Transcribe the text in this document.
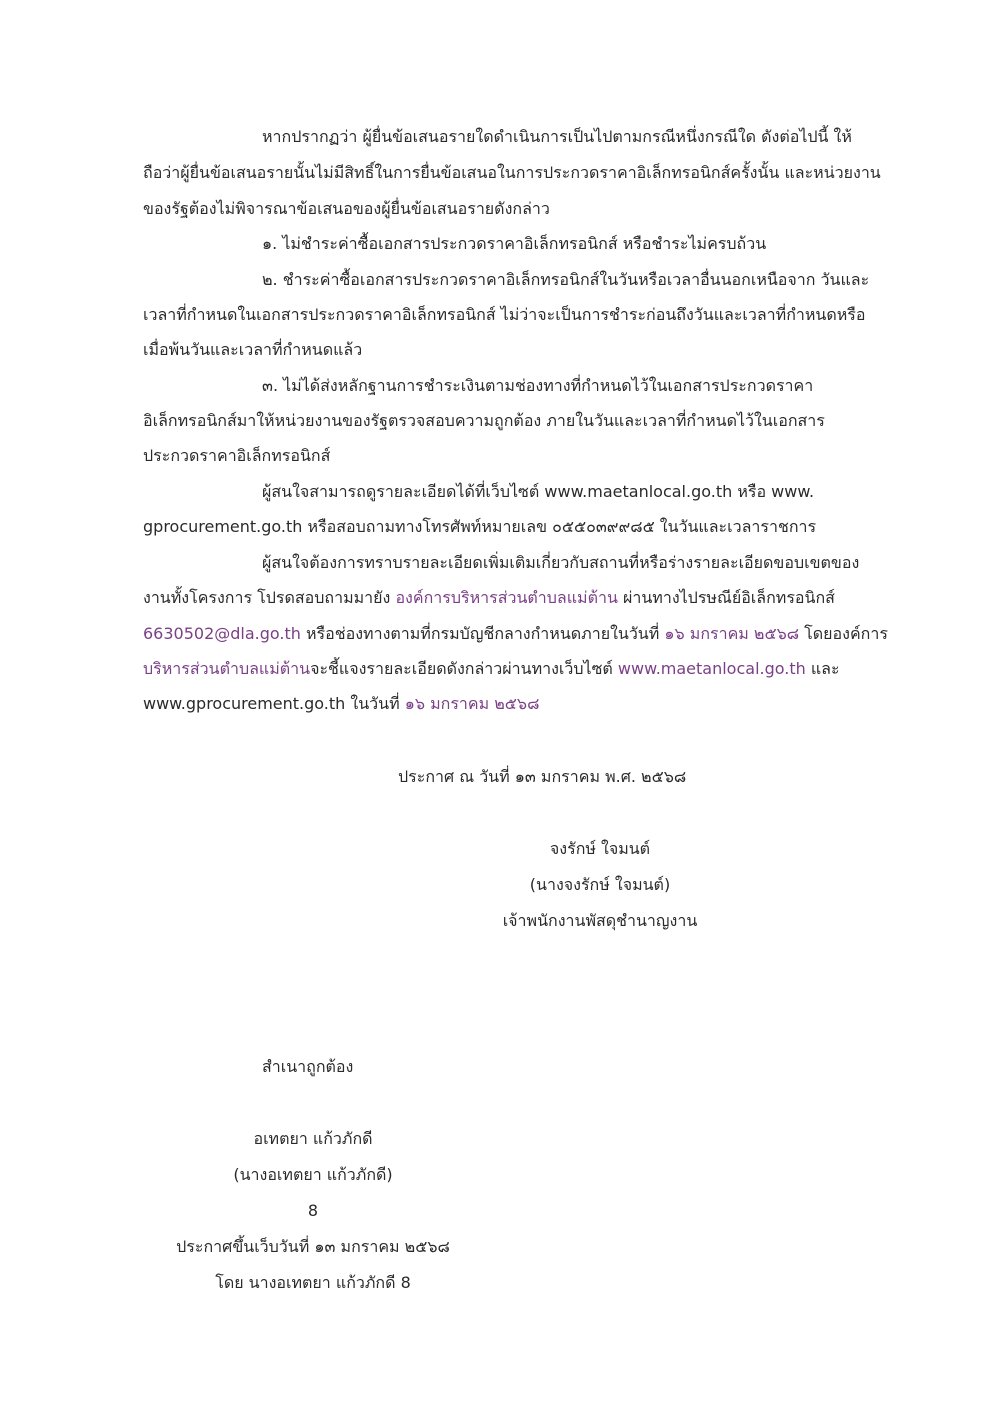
หากปรากฏว่า ผู้ยื่นข้อเสนอรายใดดำเนินการเป็นไปตามกรณีหนึ่งกรณีใด ดังต่อไปนี้ ให้
ถือว่าผู้ยื่นข้อเสนอรายนั้นไม่มีสิทธิ์ในการยื่นข้อเสนอในการประกวดราคาอิเล็กทรอนิกส์ครั้งนั้น และหน่วยงาน
ของรัฐต้องไม่พิจารณาข้อเสนอของผู้ยื่นข้อเสนอรายดังกล่าว
๑. ไม่ชำระค่าซื้อเอกสารประกวดราคาอิเล็กทรอนิกส์ หรือชำระไม่ครบถ้วน
๒. ชำระค่าซื้อเอกสารประกวดราคาอิเล็กทรอนิกส์ในวันหรือเวลาอื่นนอกเหนือจาก วันและ
เวลาที่กำหนดในเอกสารประกวดราคาอิเล็กทรอนิกส์ ไม่ว่าจะเป็นการชำระก่อนถึงวันและเวลาที่กำหนดหรือ
เมื่อพ้นวันและเวลาที่กำหนดแล้ว
๓. ไม่ได้ส่งหลักฐานการชำระเงินตามช่องทางที่กำหนดไว้ในเอกสารประกวดราคา
อิเล็กทรอนิกส์มาให้หน่วยงานของรัฐตรวจสอบความถูกต้อง ภายในวันและเวลาที่กำหนดไว้ในเอกสาร
ประกวดราคาอิเล็กทรอนิกส์
ผู้สนใจสามารถดูรายละเอียดได้ที่เว็บไซต์ www.maetanlocal.go.th หรือ www.
gprocurement.go.th หรือสอบถามทางโทรศัพท์หมายเลข ๐๕๕๐๓๙๙๘๕ ในวันและเวลาราชการ
ผู้สนใจต้องการทราบรายละเอียดเพิ่มเติมเกี่ยวกับสถานที่หรือร่างรายละเอียดขอบเขตของ
งานทั้งโครงการ โปรดสอบถามมายัง องค์การบริหารส่วนตำบลแม่ต้าน ผ่านทางไปรษณีย์อิเล็กทรอนิกส์
6630502@dla.go.th หรือช่องทางตามที่กรมบัญชีกลางกำหนดภายในวันที่ ๑๖ มกราคม ๒๕๖๘ โดยองค์การ
บริหารส่วนตำบลแม่ต้านจะชี้แจงรายละเอียดดังกล่าวผ่านทางเว็บไซต์ www.maetanlocal.go.th และ
www.gprocurement.go.th ในวันที่ ๑๖ มกราคม ๒๕๖๘
ประกาศ ณ วันที่ ๑๓ มกราคม พ.ศ. ๒๕๖๘
จงรักษ์ ใจมนต์
(นางจงรักษ์ ใจมนต์)
เจ้าพนักงานพัสดุชำนาญงาน
สำเนาถูกต้อง
อเทตยา แก้วภักดี
(นางอเทตยา แก้วภักดี)
8
ประกาศขึ้นเว็บวันที่ ๑๓ มกราคม ๒๕๖๘
โดย นางอเทตยา แก้วภักดี 8
